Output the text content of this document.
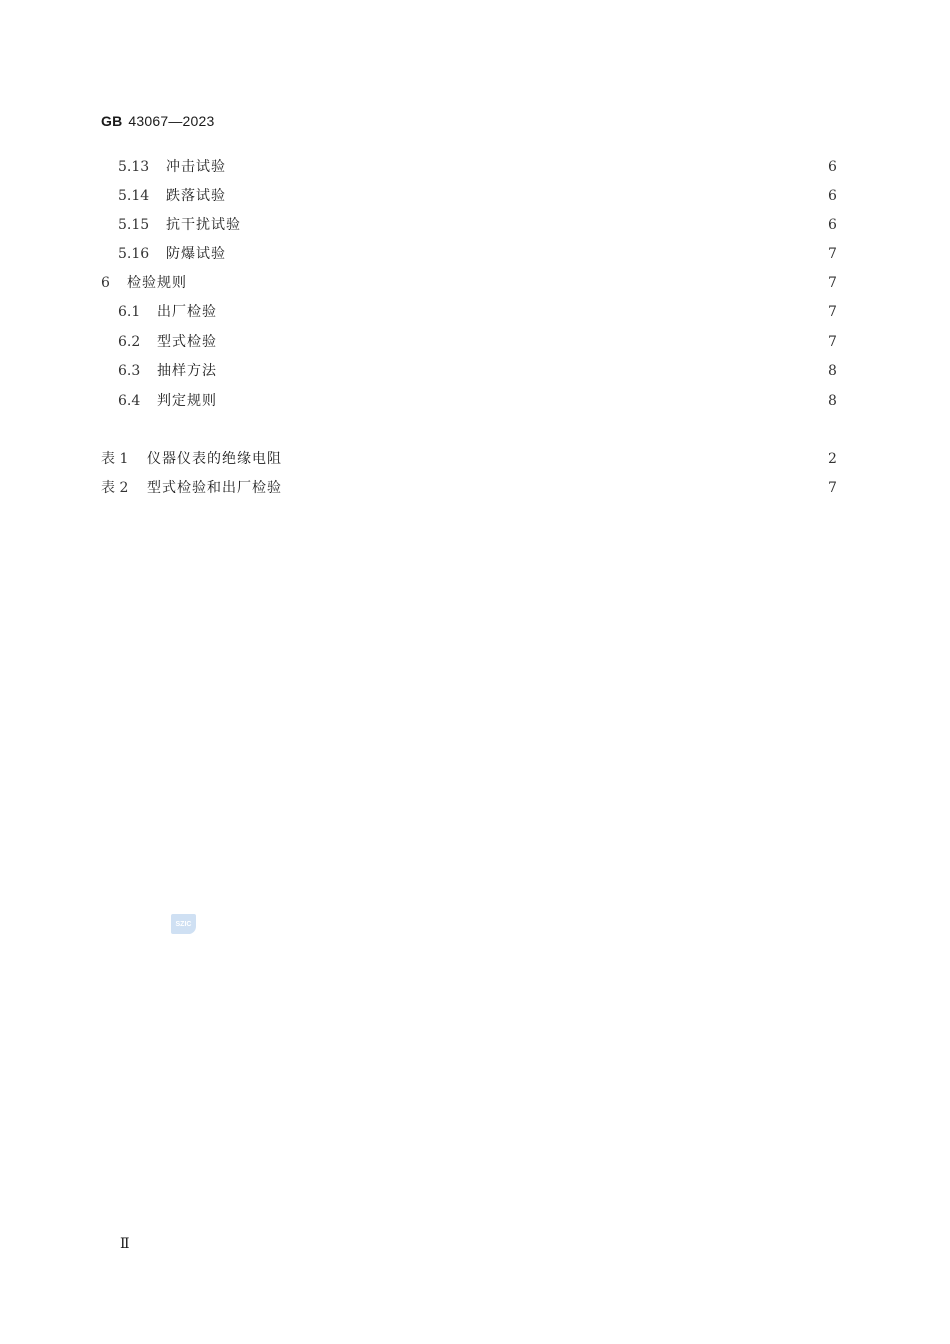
GB 43067—2023
5.13	冲击试验	6
5.14	跌落试验	6
5.15	抗干扰试验	6
5.16	防爆试验	7
6	检验规则	7
6.1	出厂检验	7
6.2	型式检验	7
6.3	抽样方法	8
6.4	判定规则	8
表 1	仪器仪表的绝缘电阻	2
表 2	型式检验和出厂检验	7
SZIC
Ⅱ
